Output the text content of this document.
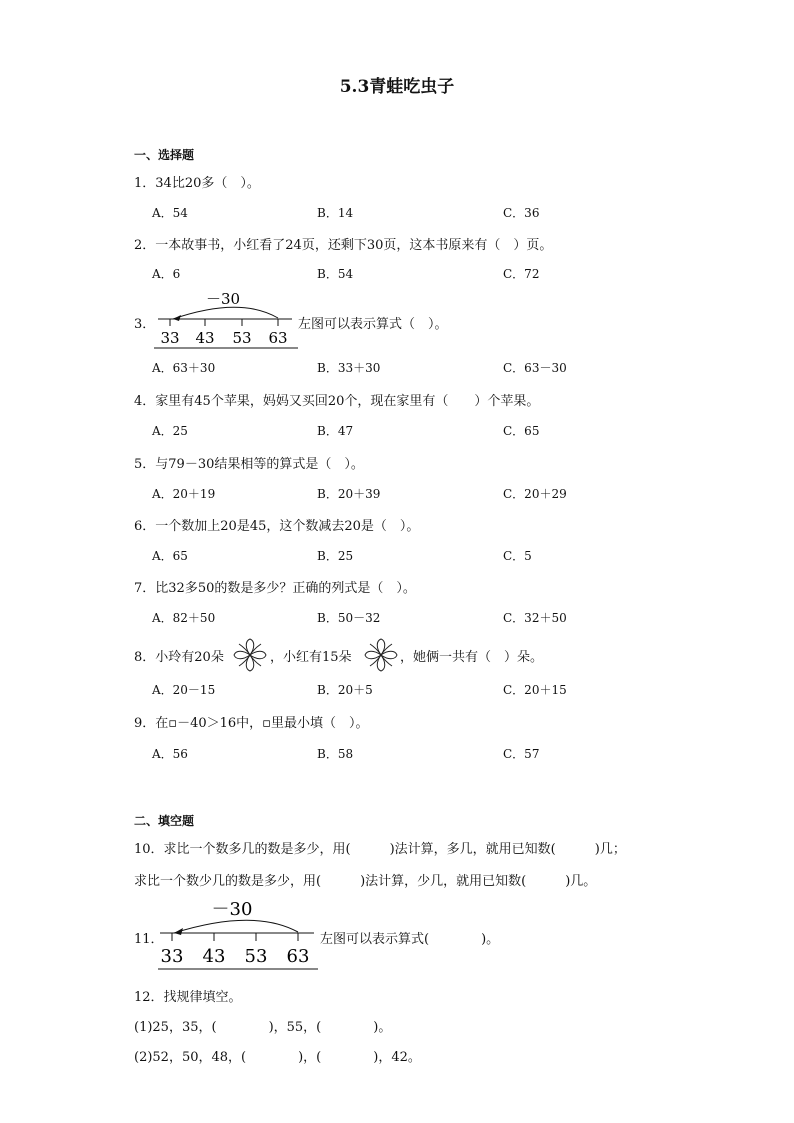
5.3青蛙吃虫子
一、选择题
1．34比20多（　）。
A．54	B．14	C．36
2．一本故事书，小红看了24页，还剩下30页，这本书原来有（　）页。
A．6	B．54	C．72
3．
－30
33 43 53 63
左图可以表示算式（　）。
A．63＋30	B．33＋30	C．63－30
4．家里有45个苹果，妈妈又买回20个，现在家里有（　　）个苹果。
A．25	B．47	C．65
5．与79－30结果相等的算式是（　）。
A．20＋19	B．20＋39	C．20＋29
6．一个数加上20是45，这个数减去20是（　）。
A．65	B．25	C．5
7．比32多50的数是多少？正确的列式是（　）。
A．82＋50	B．50－32	C．32＋50
8．小玲有20朵	，小红有15朵	，她俩一共有（　）朵。
A．20－15	B．20＋5	C．20＋15
9．在▫－40＞16中，▫里最小填（　）。
A．56	B．58	C．57
二、填空题
10．求比一个数多几的数是多少，用(　　　)法计算，多几，就用已知数(　　　)几；
求比一个数少几的数是多少，用(　　　)法计算，少几，就用已知数(　　　)几。
11．
－30
33 43 53 63
左图可以表示算式(　　　　)。
12．找规律填空。
(1)25，35，(　　　　)，55，(　　　　)。
(2)52，50，48，(　　　　)，(　　　　)，42。
